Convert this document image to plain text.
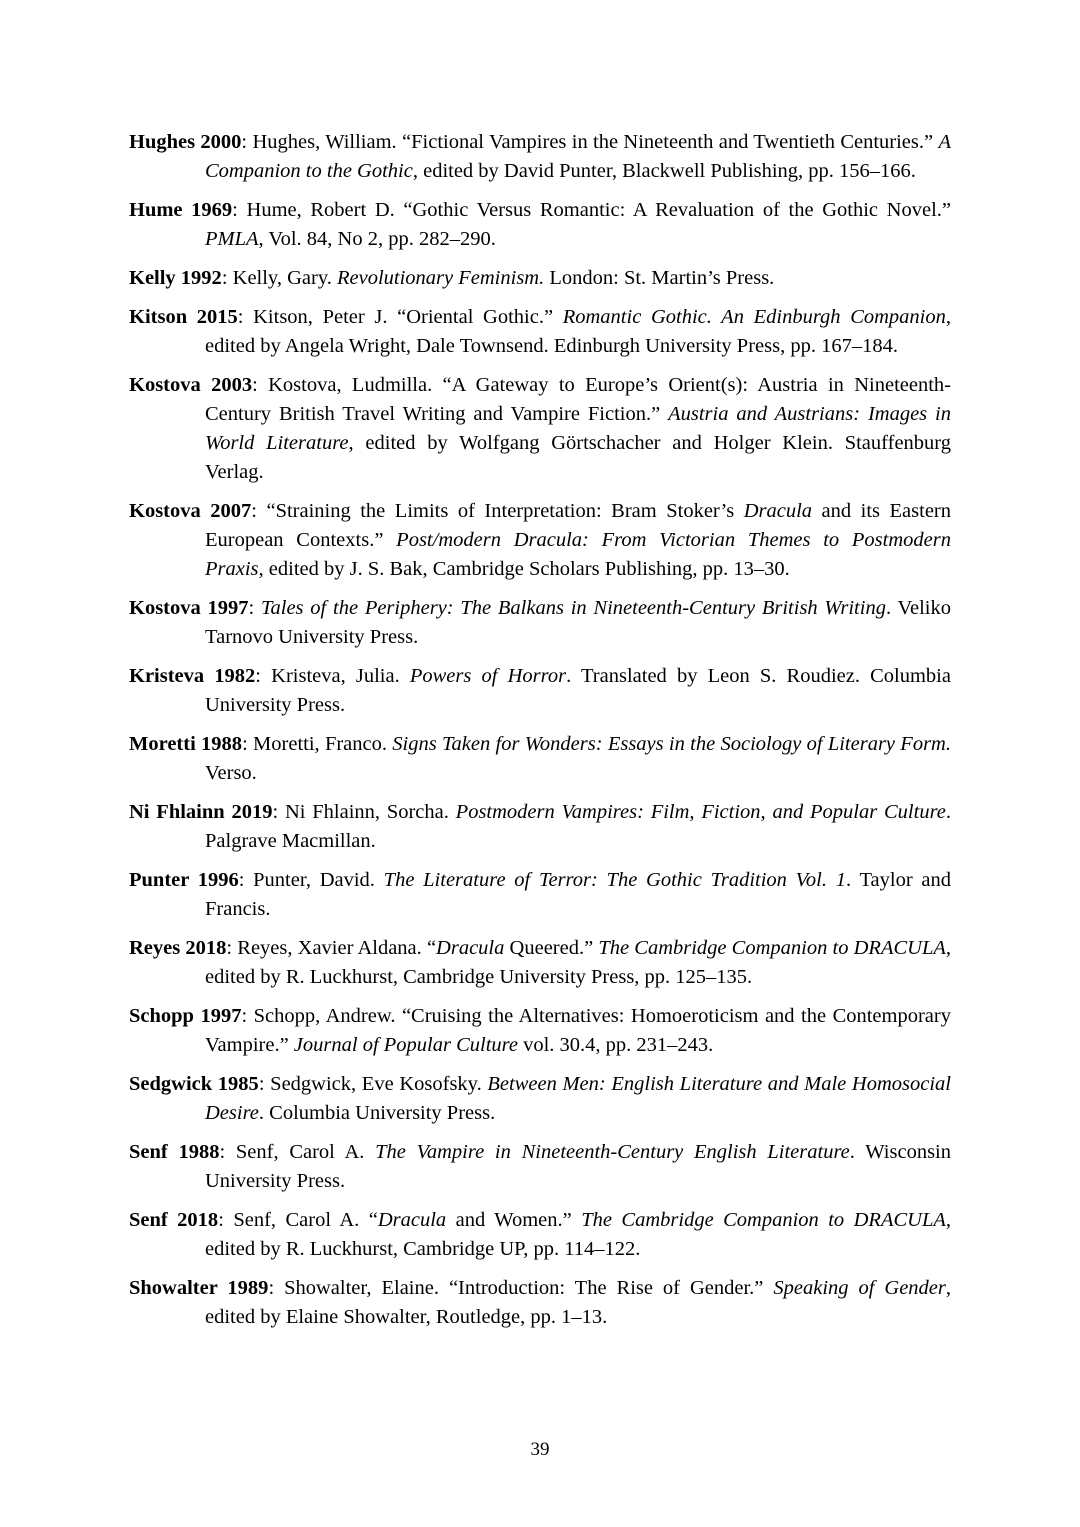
Hughes 2000: Hughes, William. “Fictional Vampires in the Nineteenth and Twentieth Centuries.” A Companion to the Gothic, edited by David Punter, Blackwell Publishing, pp. 156–166.

Hume 1969: Hume, Robert D. “Gothic Versus Romantic: A Revaluation of the Gothic Novel.” PMLA, Vol. 84, No 2, pp. 282–290.

Kelly 1992: Kelly, Gary. Revolutionary Feminism. London: St. Martin’s Press.

Kitson 2015: Kitson, Peter J. “Oriental Gothic.” Romantic Gothic. An Edinburgh Companion, edited by Angela Wright, Dale Townsend. Edinburgh University Press, pp. 167–184.

Kostova 2003: Kostova, Ludmilla. “A Gateway to Europe’s Orient(s): Austria in Nineteenth-Century British Travel Writing and Vampire Fiction.” Austria and Austrians: Images in World Literature, edited by Wolfgang Görtschacher and Holger Klein. Stauffenburg Verlag.

Kostova 2007: “Straining the Limits of Interpretation: Bram Stoker’s Dracula and its Eastern European Contexts.” Post/modern Dracula: From Victorian Themes to Postmodern Praxis, edited by J. S. Bak, Cambridge Scholars Publishing, pp. 13–30.

Kostova 1997: Tales of the Periphery: The Balkans in Nineteenth-Century British Writing. Veliko Tarnovo University Press.

Kristeva 1982: Kristeva, Julia. Powers of Horror. Translated by Leon S. Roudiez. Columbia University Press.

Moretti 1988: Moretti, Franco. Signs Taken for Wonders: Essays in the Sociology of Literary Form. Verso.

Ni Fhlainn 2019: Ni Fhlainn, Sorcha. Postmodern Vampires: Film, Fiction, and Popular Culture. Palgrave Macmillan.

Punter 1996: Punter, David. The Literature of Terror: The Gothic Tradition Vol. 1. Taylor and Francis.

Reyes 2018: Reyes, Xavier Aldana. “Dracula Queered.” The Cambridge Companion to DRACULA, edited by R. Luckhurst, Cambridge University Press, pp. 125–135.

Schopp 1997: Schopp, Andrew. “Cruising the Alternatives: Homoeroticism and the Contemporary Vampire.” Journal of Popular Culture vol. 30.4, pp. 231–243.

Sedgwick 1985: Sedgwick, Eve Kosofsky. Between Men: English Literature and Male Homosocial Desire. Columbia University Press.

Senf 1988: Senf, Carol A. The Vampire in Nineteenth-Century English Literature. Wisconsin University Press.

Senf 2018: Senf, Carol A. “Dracula and Women.” The Cambridge Companion to DRACULA, edited by R. Luckhurst, Cambridge UP, pp. 114–122.

Showalter 1989: Showalter, Elaine. “Introduction: The Rise of Gender.” Speaking of Gender, edited by Elaine Showalter, Routledge, pp. 1–13.

39
